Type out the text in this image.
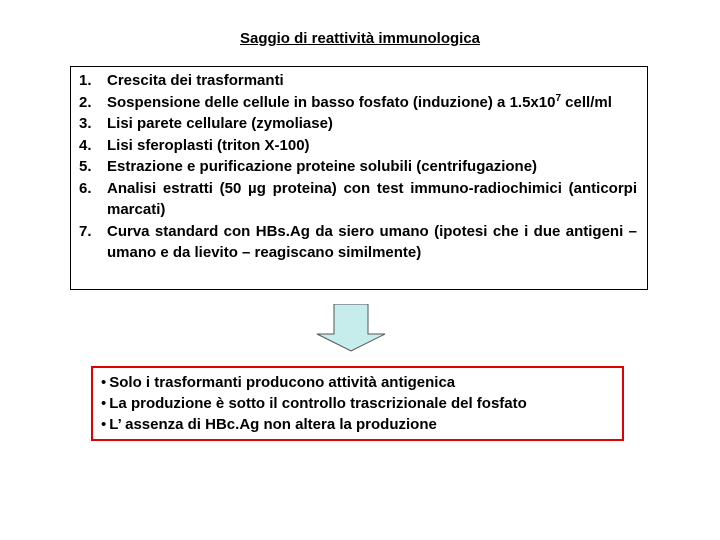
Saggio di reattività immunologica
1.	Crescita dei trasformanti
2.	Sospensione delle cellule in basso fosfato (induzione) a $1.5x10^7$ cell/ml
3.	Lisi parete cellulare (zymoliase)
4.	Lisi sferoplasti (triton X-100)
5.	Estrazione e purificazione proteine solubili (centrifugazione)
6.	Analisi estratti (50 µg proteina) con test immuno-radiochimici (anticorpi marcati)
7.	Curva standard con HBs.Ag da siero umano (ipotesi che i due antigeni – umano e da lievito – reagiscano similmente)
• Solo i trasformanti producono attività antigenica
• La produzione è sotto il controllo trascrizionale del fosfato
• L’ assenza di HBc.Ag non altera la produzione
